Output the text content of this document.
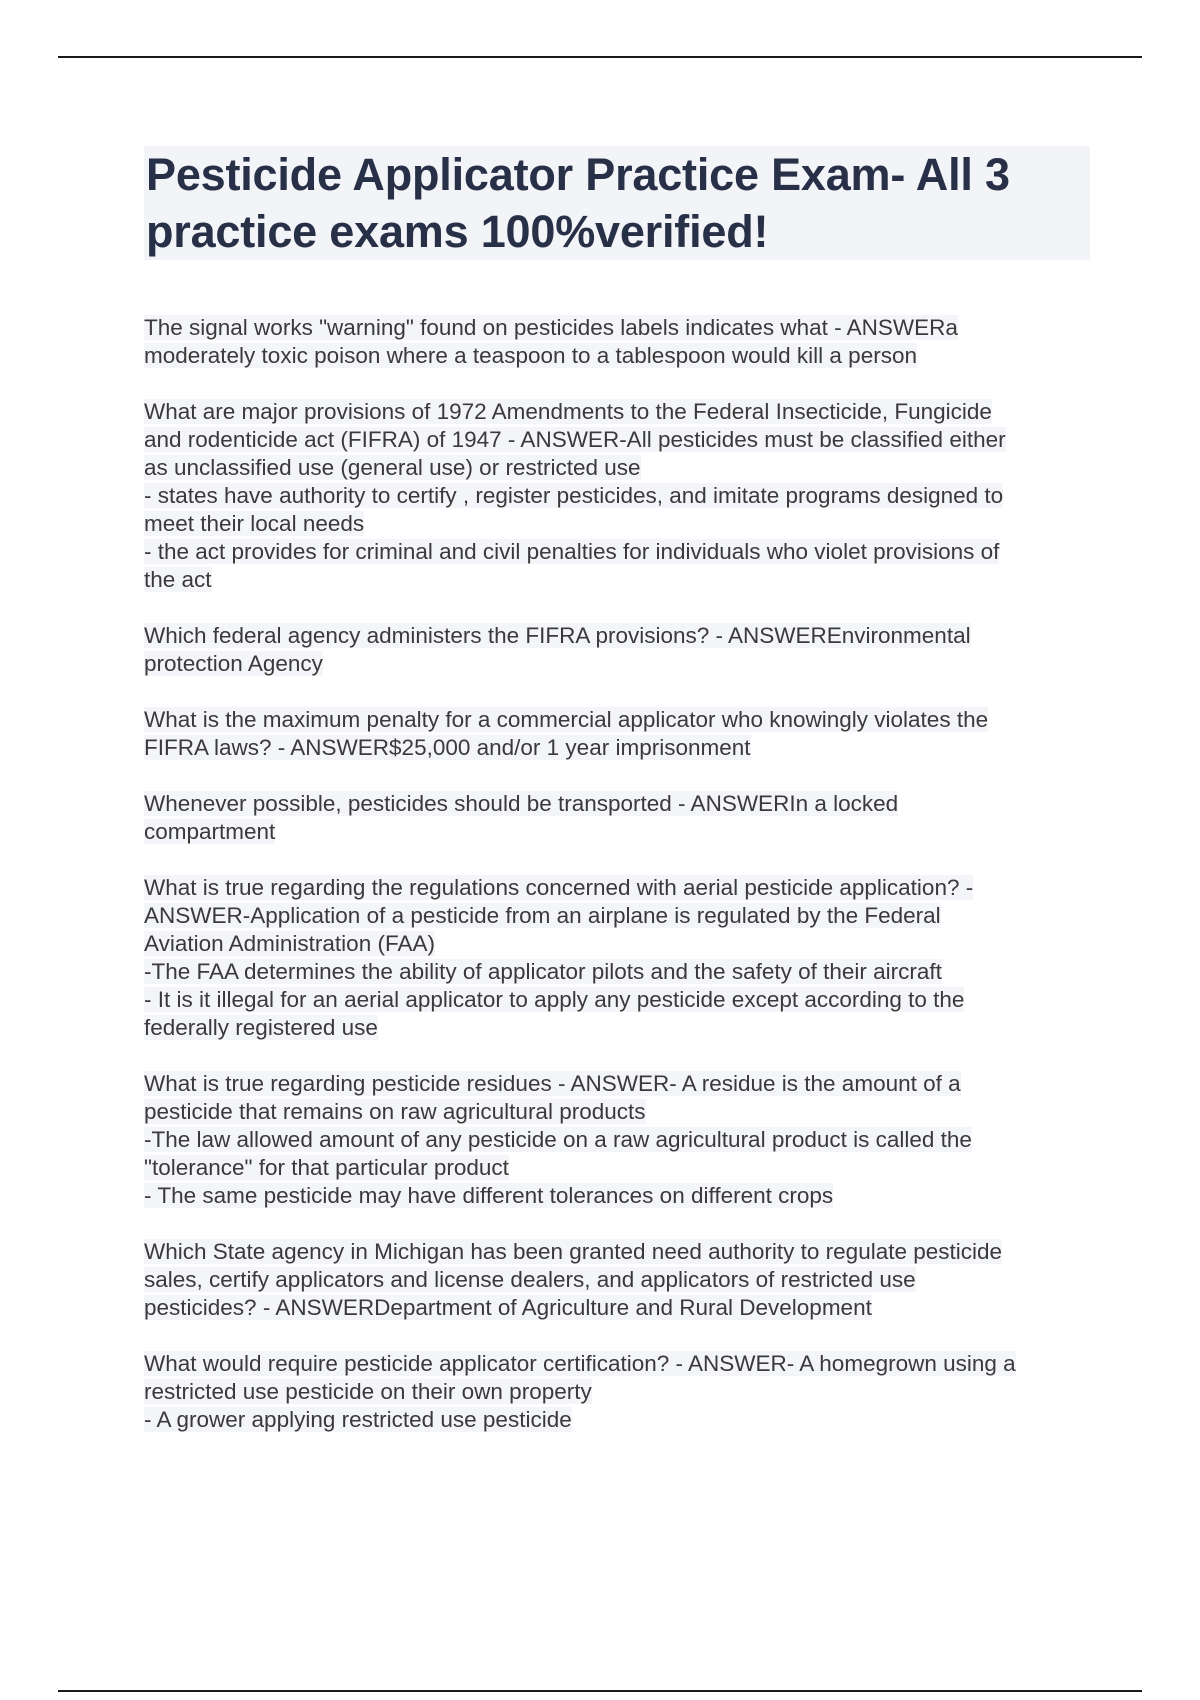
Pesticide Applicator Practice Exam- All 3
practice exams 100%verified!
The signal works "warning" found on pesticides labels indicates what - ANSWERa
moderately toxic poison where a teaspoon to a tablespoon would kill a person
What are major provisions of 1972 Amendments to the Federal Insecticide, Fungicide
and rodenticide act (FIFRA) of 1947 - ANSWER-All pesticides must be classified either
as unclassified use (general use) or restricted use
- states have authority to certify , register pesticides, and imitate programs designed to
meet their local needs
- the act provides for criminal and civil penalties for individuals who violet provisions of
the act
Which federal agency administers the FIFRA provisions? - ANSWEREnvironmental
protection Agency
What is the maximum penalty for a commercial applicator who knowingly violates the
FIFRA laws? - ANSWER$25,000 and/or 1 year imprisonment
Whenever possible, pesticides should be transported - ANSWERIn a locked
compartment
What is true regarding the regulations concerned with aerial pesticide application? -
ANSWER-Application of a pesticide from an airplane is regulated by the Federal
Aviation Administration (FAA)
-The FAA determines the ability of applicator pilots and the safety of their aircraft
- It is it illegal for an aerial applicator to apply any pesticide except according to the
federally registered use
What is true regarding pesticide residues - ANSWER- A residue is the amount of a
pesticide that remains on raw agricultural products
-The law allowed amount of any pesticide on a raw agricultural product is called the
"tolerance" for that particular product
- The same pesticide may have different tolerances on different crops
Which State agency in Michigan has been granted need authority to regulate pesticide
sales, certify applicators and license dealers, and applicators of restricted use
pesticides? - ANSWERDepartment of Agriculture and Rural Development
What would require pesticide applicator certification? - ANSWER- A homegrown using a
restricted use pesticide on their own property
- A grower applying restricted use pesticide
